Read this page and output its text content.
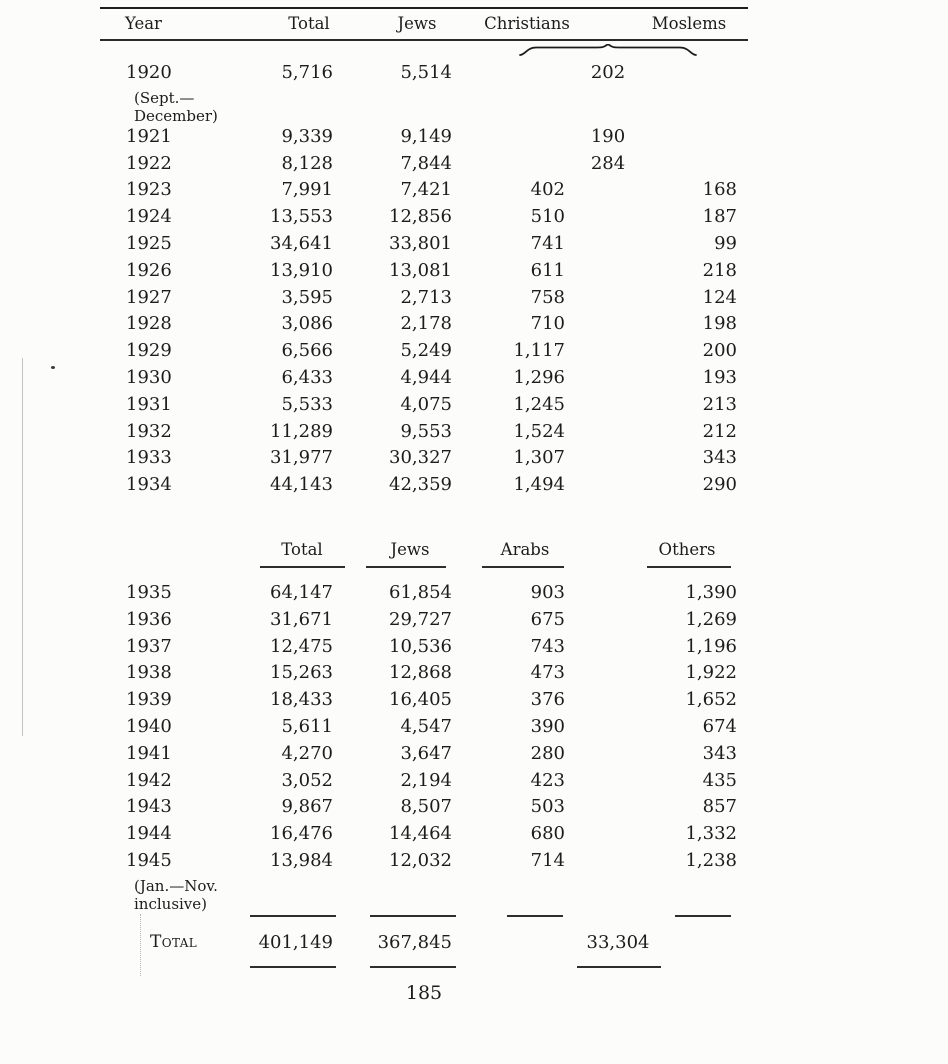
Year	Total	Jews	Christians	Moslems
1920	5,716	5,514	202
(Sept.—
December)
1921	9,339	9,149	190
1922	8,128	7,844	284
1923	7,991	7,421	402	168
1924	13,553	12,856	510	187
1925	34,641	33,801	741	99
1926	13,910	13,081	611	218
1927	3,595	2,713	758	124
1928	3,086	2,178	710	198
1929	6,566	5,249	1,117	200
1930	6,433	4,944	1,296	193
1931	5,533	4,075	1,245	213
1932	11,289	9,553	1,524	212
1933	31,977	30,327	1,307	343
1934	44,143	42,359	1,494	290
Total	Jews	Arabs	Others
1935	64,147	61,854	903	1,390
1936	31,671	29,727	675	1,269
1937	12,475	10,536	743	1,196
1938	15,263	12,868	473	1,922
1939	18,433	16,405	376	1,652
1940	5,611	4,547	390	674
1941	4,270	3,647	280	343
1942	3,052	2,194	423	435
1943	9,867	8,507	503	857
1944	16,476	14,464	680	1,332
1945	13,984	12,032	714	1,238
(Jan.—Nov.
inclusive)
Total	401,149	367,845	33,304
185
